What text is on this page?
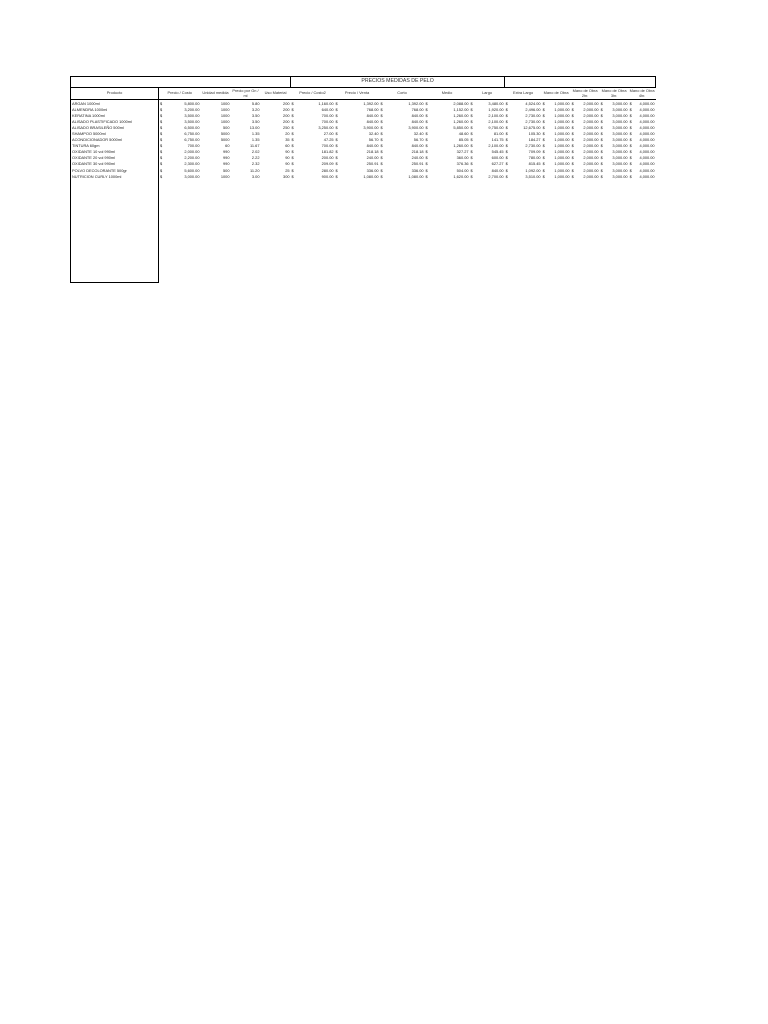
					PRECIOS MEDIDAS DE PELO									
Producto	Precio / Costo	Unidad medida	Precio por Gn / ml	Uso Material	Precio / Costo2	Precio / Venta	Corto	Medio	Largo	Extra Largo	Mano de Obra	Mano de Obra 2hr.	Mano de Obra 3hr.	Mano de Obra 4hr.
ARGAN 1000ml	$ 5,800.00	1000	5.80	200	$ 1,160.00	$ 1,392.00	$ 1,392.00	$ 2,088.00	$ 3,480.00	$ 4,524.00	$ 1,000.00	$ 2,000.00	$ 3,000.00	$ 4,000.00
ALMENDRA 1000ml	$ 3,200.00	1000	3.20	200	$ 640.00	$ 768.00	$ 768.00	$ 1,152.00	$ 1,920.00	$ 2,496.00	$ 1,000.00	$ 2,000.00	$ 3,000.00	$ 4,000.00
KERATINA 1000ml	$ 3,500.00	1000	3.50	200	$ 700.00	$ 840.00	$ 840.00	$ 1,260.00	$ 2,100.00	$ 2,730.00	$ 1,000.00	$ 2,000.00	$ 3,000.00	$ 4,000.00
ALISADO PLASTIFICADO 1000ml	$ 3,500.00	1000	3.50	200	$ 700.00	$ 840.00	$ 840.00	$ 1,260.00	$ 2,100.00	$ 2,730.00	$ 1,000.00	$ 2,000.00	$ 3,000.00	$ 4,000.00
ALISADO BRASILEÑO 500ml	$ 6,500.00	500	13.00	250	$ 3,250.00	$ 3,900.00	$ 3,900.00	$ 5,850.00	$ 9,750.00	$ 12,675.00	$ 1,000.00	$ 2,000.00	$ 3,000.00	$ 4,000.00
SHAMPOO 5000ml	$ 6,750.00	5000	1.35	20	$ 27.00	$ 32.40	$ 32.40	$ 48.60	$ 81.00	$ 105.30	$ 1,000.00	$ 2,000.00	$ 3,000.00	$ 4,000.00
ACONDICIONADOR 5000ml	$ 6,750.00	5000	1.35	35	$ 47.25	$ 56.70	$ 56.70	$ 85.05	$ 141.75	$ 184.27	$ 1,000.00	$ 2,000.00	$ 3,000.00	$ 4,000.00
TINTURA 60gm	$ 700.00	60	11.67	60	$ 700.00	$ 840.00	$ 840.00	$ 1,260.00	$ 2,100.00	$ 2,730.00	$ 1,000.00	$ 2,000.00	$ 3,000.00	$ 4,000.00
OXIDANTE 10 vol 990ml	$ 2,000.00	990	2.02	90	$ 181.82	$ 218.18	$ 218.18	$ 327.27	$ 545.45	$ 709.09	$ 1,000.00	$ 2,000.00	$ 3,000.00	$ 4,000.00
OXIDANTE 20 vol 990ml	$ 2,200.00	990	2.22	90	$ 200.00	$ 240.00	$ 240.00	$ 360.00	$ 600.00	$ 780.00	$ 1,000.00	$ 2,000.00	$ 3,000.00	$ 4,000.00
OXIDANTE 30 vol 990ml	$ 2,300.00	990	2.32	90	$ 209.09	$ 250.91	$ 250.91	$ 376.36	$ 627.27	$ 815.45	$ 1,000.00	$ 2,000.00	$ 3,000.00	$ 4,000.00
POLVO DECOLORANTE 500gr	$ 5,600.00	500	11.20	25	$ 280.00	$ 336.00	$ 336.00	$ 504.00	$ 840.00	$ 1,092.00	$ 1,000.00	$ 2,000.00	$ 3,000.00	$ 4,000.00
NUTRICION CURLY 1000ml	$ 3,000.00	1000	3.00	300	$ 900.00	$ 1,080.00	$ 1,080.00	$ 1,620.00	$ 2,700.00	$ 3,510.00	$ 1,000.00	$ 2,000.00	$ 3,000.00	$ 4,000.00
